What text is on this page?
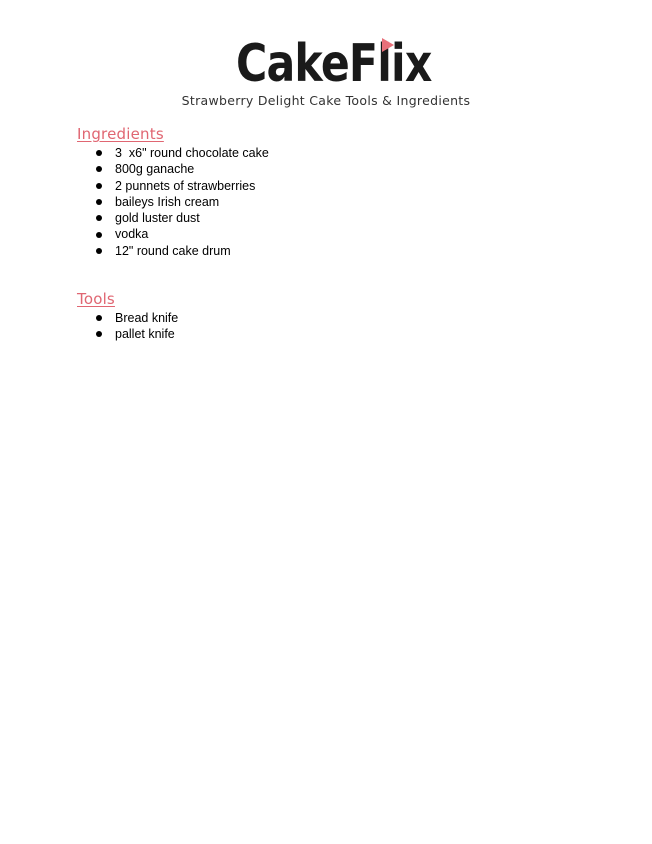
CakeFlix
Strawberry Delight Cake Tools & Ingredients
Ingredients
3  x6" round chocolate cake
800g ganache
2 punnets of strawberries
baileys Irish cream
gold luster dust
vodka
12" round cake drum
Tools
Bread knife
pallet knife
